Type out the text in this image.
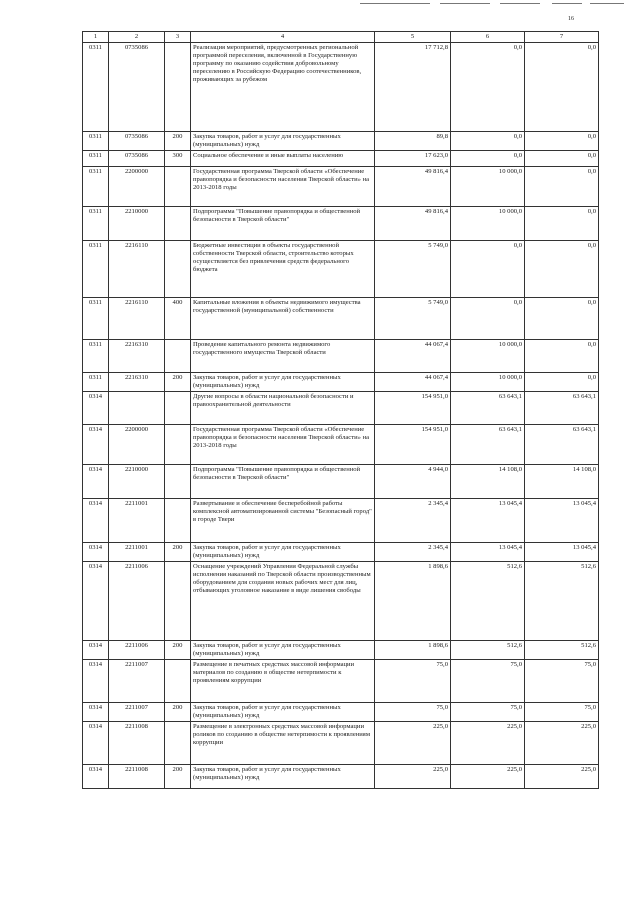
16
1	2	3	4	5	6	7
0311	0735086		Реализация мероприятий, предусмотренных региональной программой переселения, включенной в Государственную программу по оказанию содействия добровольному переселению в Российскую Федерацию соотечественников, проживающих за рубежом	17 712,8	0,0	0,0
0311	0735086	200	Закупка товаров, работ и услуг для государственных (муниципальных) нужд	89,8	0,0	0,0
0311	0735086	300	Социальное обеспечение и иные выплаты населению	17 623,0	0,0	0,0
0311	2200000		Государственная программа Тверской области «Обеспечение правопорядка и безопасности населения Тверской области» на 2013-2018 годы	49 816,4	10 000,0	0,0
0311	2210000		Подпрограмма "Повышение правопорядка и общественной безопасности в Тверской области"	49 816,4	10 000,0	0,0
0311	2216110		Бюджетные инвестиции в объекты государственной собственности Тверской области, строительство которых осуществляется без привлечения средств федерального бюджета	5 749,0	0,0	0,0
0311	2216110	400	Капитальные вложения в объекты недвижимого имущества государственной (муниципальной) собственности	5 749,0	0,0	0,0
0311	2216310		Проведение капитального ремонта недвижимого государственного имущества Тверской области	44 067,4	10 000,0	0,0
0311	2216310	200	Закупка товаров, работ и услуг для государственных (муниципальных) нужд	44 067,4	10 000,0	0,0
0314			Другие вопросы в области национальной безопасности и правоохранительной деятельности	154 951,0	63 643,1	63 643,1
0314	2200000		Государственная программа Тверской области «Обеспечение правопорядка и безопасности населения Тверской области» на 2013-2018 годы	154 951,0	63 643,1	63 643,1
0314	2210000		Подпрограмма "Повышение правопорядка и общественной безопасности в Тверской области"	4 944,0	14 108,0	14 108,0
0314	2211001		Развертывание и обеспечение бесперебойной работы комплексной автоматизированной системы "Безопасный город" в городе Твери	2 345,4	13 045,4	13 045,4
0314	2211001	200	Закупка товаров, работ и услуг для государственных (муниципальных) нужд	2 345,4	13 045,4	13 045,4
0314	2211006		Оснащение учреждений Управления Федеральной службы исполнения наказаний по Тверской области производственным оборудованием для создания новых рабочих мест для лиц, отбывающих уголовное наказание в виде лишения свободы	1 898,6	512,6	512,6
0314	2211006	200	Закупка товаров, работ и услуг для государственных (муниципальных) нужд	1 898,6	512,6	512,6
0314	2211007		Размещение в печатных средствах массовой информации материалов по созданию в обществе нетерпимости к проявлениям коррупции	75,0	75,0	75,0
0314	2211007	200	Закупка товаров, работ и услуг для государственных (муниципальных) нужд	75,0	75,0	75,0
0314	2211008		Размещение в электронных средствах массовой информации роликов по созданию в обществе нетерпимости к проявлениям коррупции	225,0	225,0	225,0
0314	2211008	200	Закупка товаров, работ и услуг для государственных (муниципальных) нужд	225,0	225,0	225,0
